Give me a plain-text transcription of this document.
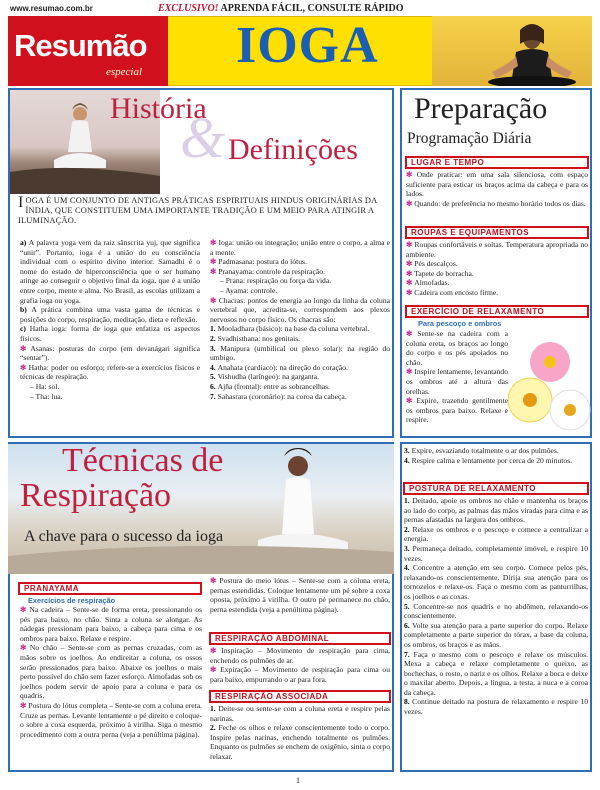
www.resumao.com.br	EXCLUSIVO! APRENDA FÁCIL, CONSULTE RÁPIDO
Resumão
especial IOGA
&
História
Definições
IOGA É UM CONJUNTO DE ANTIGAS PRÁTICAS ESPIRITUAIS HINDUS ORIGINÁRIAS DA ÍNDIA, QUE CONSTITUEM UMA IMPORTANTE TRADIÇÃO E UM MEIO PARA ATINGIR A ILUMINAÇÃO.

a) A palavra yoga vem da raiz sânscrita yuj, que significa “unir”. Portanto, ioga é a união do eu consciência individual com o espírito divino interior. Samadhi é o nome do estado de hiperconsciência que o ser humano atinge ao conseguir o objetivo final da ioga, que é a união entre corpo, mente e alma. No Brasil, as escolas utilizam a grafia ioga ou yoga.

b) A prática combina uma vasta gama de técnicas e posições do corpo, respiração, meditação, dieta e reflexão.

c) Hatha ioga: forma de ioga que enfatiza os aspectos físicos.

✻ Asanas: posturas do corpo (em devanágari significa “sentar”).

✻ Hatha: poder ou esforço; refere-se a exercícios físicos e técnicas de respiração.

– Ha: sol.

– Tha: lua.

✻ Ioga: união ou integração; união entre o corpo, a alma e a mente.

✻ Padmasana: postura do lótus.

✻ Pranayama: controle da respiração.

– Prana: respiração ou força da vida.

– Ayama: controle.

✻ Chacras: pontos de energia ao longo da linha da coluna vertebral que, acredita-se, correspondem aos plexos nervosos no corpo físico. Os chacras são:

1. Mooladhara (básico): na base da coluna vertebral.

2. Svadhisthana: nos genitais.

3. Manipura (umbilical ou plexo solar): na região do umbigo.

4. Anahata (cardíaco): na direção do coração.

5. Vishudha (laríngeo): na garganta.

6. Ajña (frontal): entre as sobrancelhas.

7. Sahasrara (coronário): na coroa da cabeça.

Preparação
Programação Diária
LUGAR E TEMPO

✻ Onde praticar: em uma sala silenciosa, com espaço suficiente para esticar os braços acima da cabeça e para os lados.

✻ Quando: de preferência no mesmo horário todos os dias.

ROUPAS E EQUIPAMENTOS

✻ Roupas confortáveis e soltas. Temperatura apropriada no ambiente.

✻ Pés descalços.

✻ Tapete de borracha.

✻ Almofadas.

✻ Cadeira com encosto firme.

EXERCÍCIO DE RELAXAMENTO
Para pescoço e ombros

✻ Sente-se na cadeira com a coluna ereta, os braços ao longo do corpo e os pés apoiados no chão.

✻ Inspire lentamente, levantando os ombros até a altura das orelhas.

✻ Expire, trazendo gentilmente os ombros para baixo. Relaxe e respire.

Técnicas de
Respiração
A chave para o sucesso da ioga
PRANAYAMA
Exercícios de respiração

✻ Na cadeira – Sente-se de forma ereta, pressionando os pés para baixo, no chão. Sinta a coluna se alongar. As nádegas pressionam para baixo, a cabeça para cima e os ombros para baixo. Relaxe e respire.

✻ No chão – Sente-se com as pernas cruzadas, com as mãos sobre os joelhos. Ao endireitar a coluna, os ossos serão pressionados para baixo. Abaixe os joelhos o mais perto possível do chão sem fazer esforço. Almofadas sob os joelhos podem servir de apoio para a coluna e para os quadris.

✻ Postura do lótus completa – Sente-se com a coluna ereta. Cruze as pernas. Levante lentamente o pé direito e coloque-o sobre a coxa esquerda, próximo à virilha. Siga o mesmo procedimento com a outra perna (veja a penúltima página).

✻ Postura do meio lótus – Sente-se com a coluna ereta, pernas estendidas. Coloque lentamente um pé sobre a coxa oposta, próximo à virilha. O outro pé permanece no chão, perna estendida (veja a penúltima página).

RESPIRAÇÃO ABDOMINAL

✻ Inspiração – Movimento de respiração para cima, enchendo os pulmões de ar.

✻ Expiração – Movimento de respiração para cima ou para baixo, empurrando o ar para fora.

RESPIRAÇÃO ASSOCIADA

1. Deite-se ou sente-se com a coluna ereta e respire pelas narinas.

2. Feche os olhos e relaxe conscientemente todo o corpo. Inspire pelas narinas, enchendo totalmente os pulmões. Enquanto os pulmões se enchem de oxigênio, sinta o corpo relaxar.

3. Expire, esvaziando totalmente o ar dos pulmões.

4. Respire calma e lentamente por cerca de 20 minutos.

POSTURA DE RELAXAMENTO

1. Deitado, apoie os ombros no chão e mantenha os braços ao lado do corpo, as palmas das mãos viradas para cima e as pernas afastadas na largura dos ombros.

2. Relaxe os ombros e o pescoço e comece a centralizar a energia.

3. Permaneça deitado, completamente imóvel, e respire 10 vezes.

4. Concentre a atenção em seu corpo. Comece pelos pés, relaxando-os conscientemente. Dirija sua atenção para os tornozelos e relaxe-os. Faça o mesmo com as panturrilhas, os joelhos e as coxas.

5. Concentre-se nos quadris e no abdômen, relaxando-os conscientemente.

6. Volte sua atenção para a parte superior do corpo. Relaxe completamente a parte superior do tórax, a base da coluna, os ombros, os braços e as mãos.

7. Faça o mesmo com o pescoço e relaxe os músculos. Mexa a cabeça e relaxe completamente o queixo, as bochechas, o rosto, o nariz e os olhos. Relaxe a boca e deixe o maxilar aberto. Depois, a língua, a testa, a nuca e a coroa da cabeça.

8. Continue deitado na postura de relaxamento e respire 10 vezes.

1
